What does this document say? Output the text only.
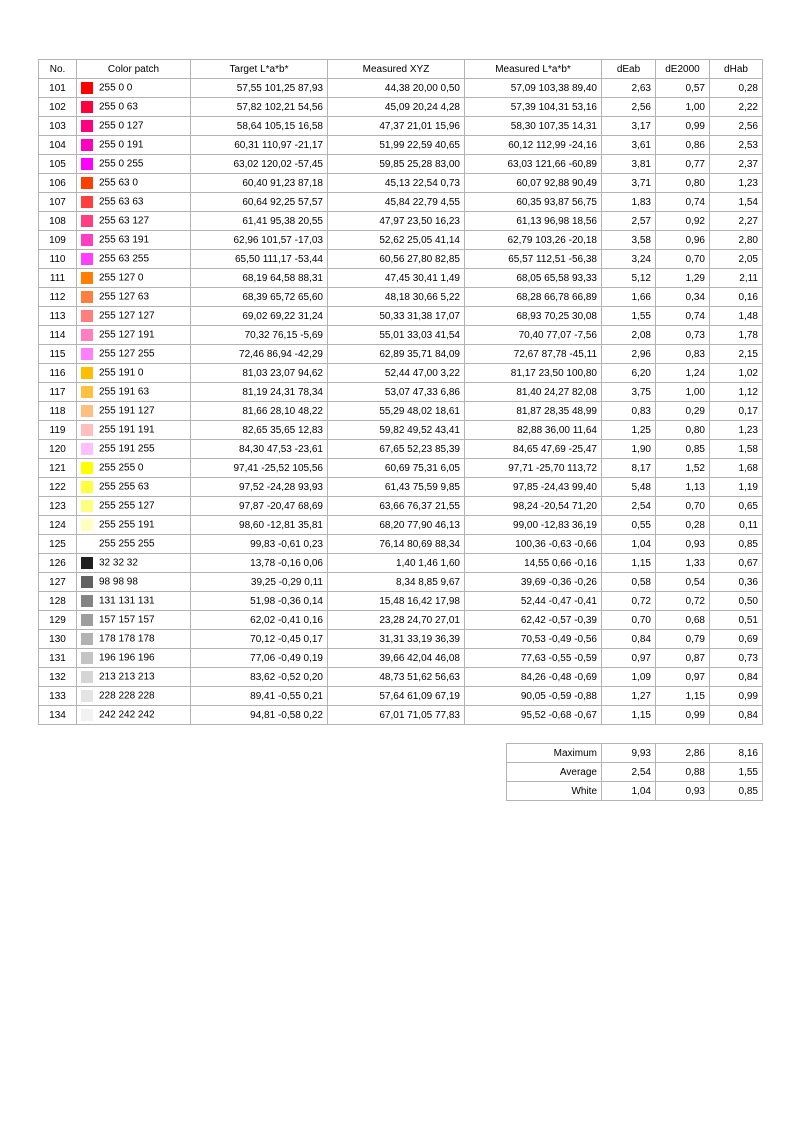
No.	Color patch	Target L*a*b*	Measured XYZ	Measured L*a*b*	dEab	dE2000	dHab
101	255 0 0	57,55 101,25 87,93	44,38 20,00 0,50	57,09 103,38 89,40	2,63	0,57	0,28
102	255 0 63	57,82 102,21 54,56	45,09 20,24 4,28	57,39 104,31 53,16	2,56	1,00	2,22
103	255 0 127	58,64 105,15 16,58	47,37 21,01 15,96	58,30 107,35 14,31	3,17	0,99	2,56
104	255 0 191	60,31 110,97 -21,17	51,99 22,59 40,65	60,12 112,99 -24,16	3,61	0,86	2,53
105	255 0 255	63,02 120,02 -57,45	59,85 25,28 83,00	63,03 121,66 -60,89	3,81	0,77	2,37
106	255 63 0	60,40 91,23 87,18	45,13 22,54 0,73	60,07 92,88 90,49	3,71	0,80	1,23
107	255 63 63	60,64 92,25 57,57	45,84 22,79 4,55	60,35 93,87 56,75	1,83	0,74	1,54
108	255 63 127	61,41 95,38 20,55	47,97 23,50 16,23	61,13 96,98 18,56	2,57	0,92	2,27
109	255 63 191	62,96 101,57 -17,03	52,62 25,05 41,14	62,79 103,26 -20,18	3,58	0,96	2,80
110	255 63 255	65,50 111,17 -53,44	60,56 27,80 82,85	65,57 112,51 -56,38	3,24	0,70	2,05
111	255 127 0	68,19 64,58 88,31	47,45 30,41 1,49	68,05 65,58 93,33	5,12	1,29	2,11
112	255 127 63	68,39 65,72 65,60	48,18 30,66 5,22	68,28 66,78 66,89	1,66	0,34	0,16
113	255 127 127	69,02 69,22 31,24	50,33 31,38 17,07	68,93 70,25 30,08	1,55	0,74	1,48
114	255 127 191	70,32 76,15 -5,69	55,01 33,03 41,54	70,40 77,07 -7,56	2,08	0,73	1,78
115	255 127 255	72,46 86,94 -42,29	62,89 35,71 84,09	72,67 87,78 -45,11	2,96	0,83	2,15
116	255 191 0	81,03 23,07 94,62	52,44 47,00 3,22	81,17 23,50 100,80	6,20	1,24	1,02
117	255 191 63	81,19 24,31 78,34	53,07 47,33 6,86	81,40 24,27 82,08	3,75	1,00	1,12
118	255 191 127	81,66 28,10 48,22	55,29 48,02 18,61	81,87 28,35 48,99	0,83	0,29	0,17
119	255 191 191	82,65 35,65 12,83	59,82 49,52 43,41	82,88 36,00 11,64	1,25	0,80	1,23
120	255 191 255	84,30 47,53 -23,61	67,65 52,23 85,39	84,65 47,69 -25,47	1,90	0,85	1,58
121	255 255 0	97,41 -25,52 105,56	60,69 75,31 6,05	97,71 -25,70 113,72	8,17	1,52	1,68
122	255 255 63	97,52 -24,28 93,93	61,43 75,59 9,85	97,85 -24,43 99,40	5,48	1,13	1,19
123	255 255 127	97,87 -20,47 68,69	63,66 76,37 21,55	98,24 -20,54 71,20	2,54	0,70	0,65
124	255 255 191	98,60 -12,81 35,81	68,20 77,90 46,13	99,00 -12,83 36,19	0,55	0,28	0,11
125	255 255 255	99,83 -0,61 0,23	76,14 80,69 88,34	100,36 -0,63 -0,66	1,04	0,93	0,85
126	32 32 32	13,78 -0,16 0,06	1,40 1,46 1,60	14,55 0,66 -0,16	1,15	1,33	0,67
127	98 98 98	39,25 -0,29 0,11	8,34 8,85 9,67	39,69 -0,36 -0,26	0,58	0,54	0,36
128	131 131 131	51,98 -0,36 0,14	15,48 16,42 17,98	52,44 -0,47 -0,41	0,72	0,72	0,50
129	157 157 157	62,02 -0,41 0,16	23,28 24,70 27,01	62,42 -0,57 -0,39	0,70	0,68	0,51
130	178 178 178	70,12 -0,45 0,17	31,31 33,19 36,39	70,53 -0,49 -0,56	0,84	0,79	0,69
131	196 196 196	77,06 -0,49 0,19	39,66 42,04 46,08	77,63 -0,55 -0,59	0,97	0,87	0,73
132	213 213 213	83,62 -0,52 0,20	48,73 51,62 56,63	84,26 -0,48 -0,69	1,09	0,97	0,84
133	228 228 228	89,41 -0,55 0,21	57,64 61,09 67,19	90,05 -0,59 -0,88	1,27	1,15	0,99
134	242 242 242	94,81 -0,58 0,22	67,01 71,05 77,83	95,52 -0,68 -0,67	1,15	0,99	0,84
Maximum	9,93	2,86	8,16
Average	2,54	0,88	1,55
White	1,04	0,93	0,85
